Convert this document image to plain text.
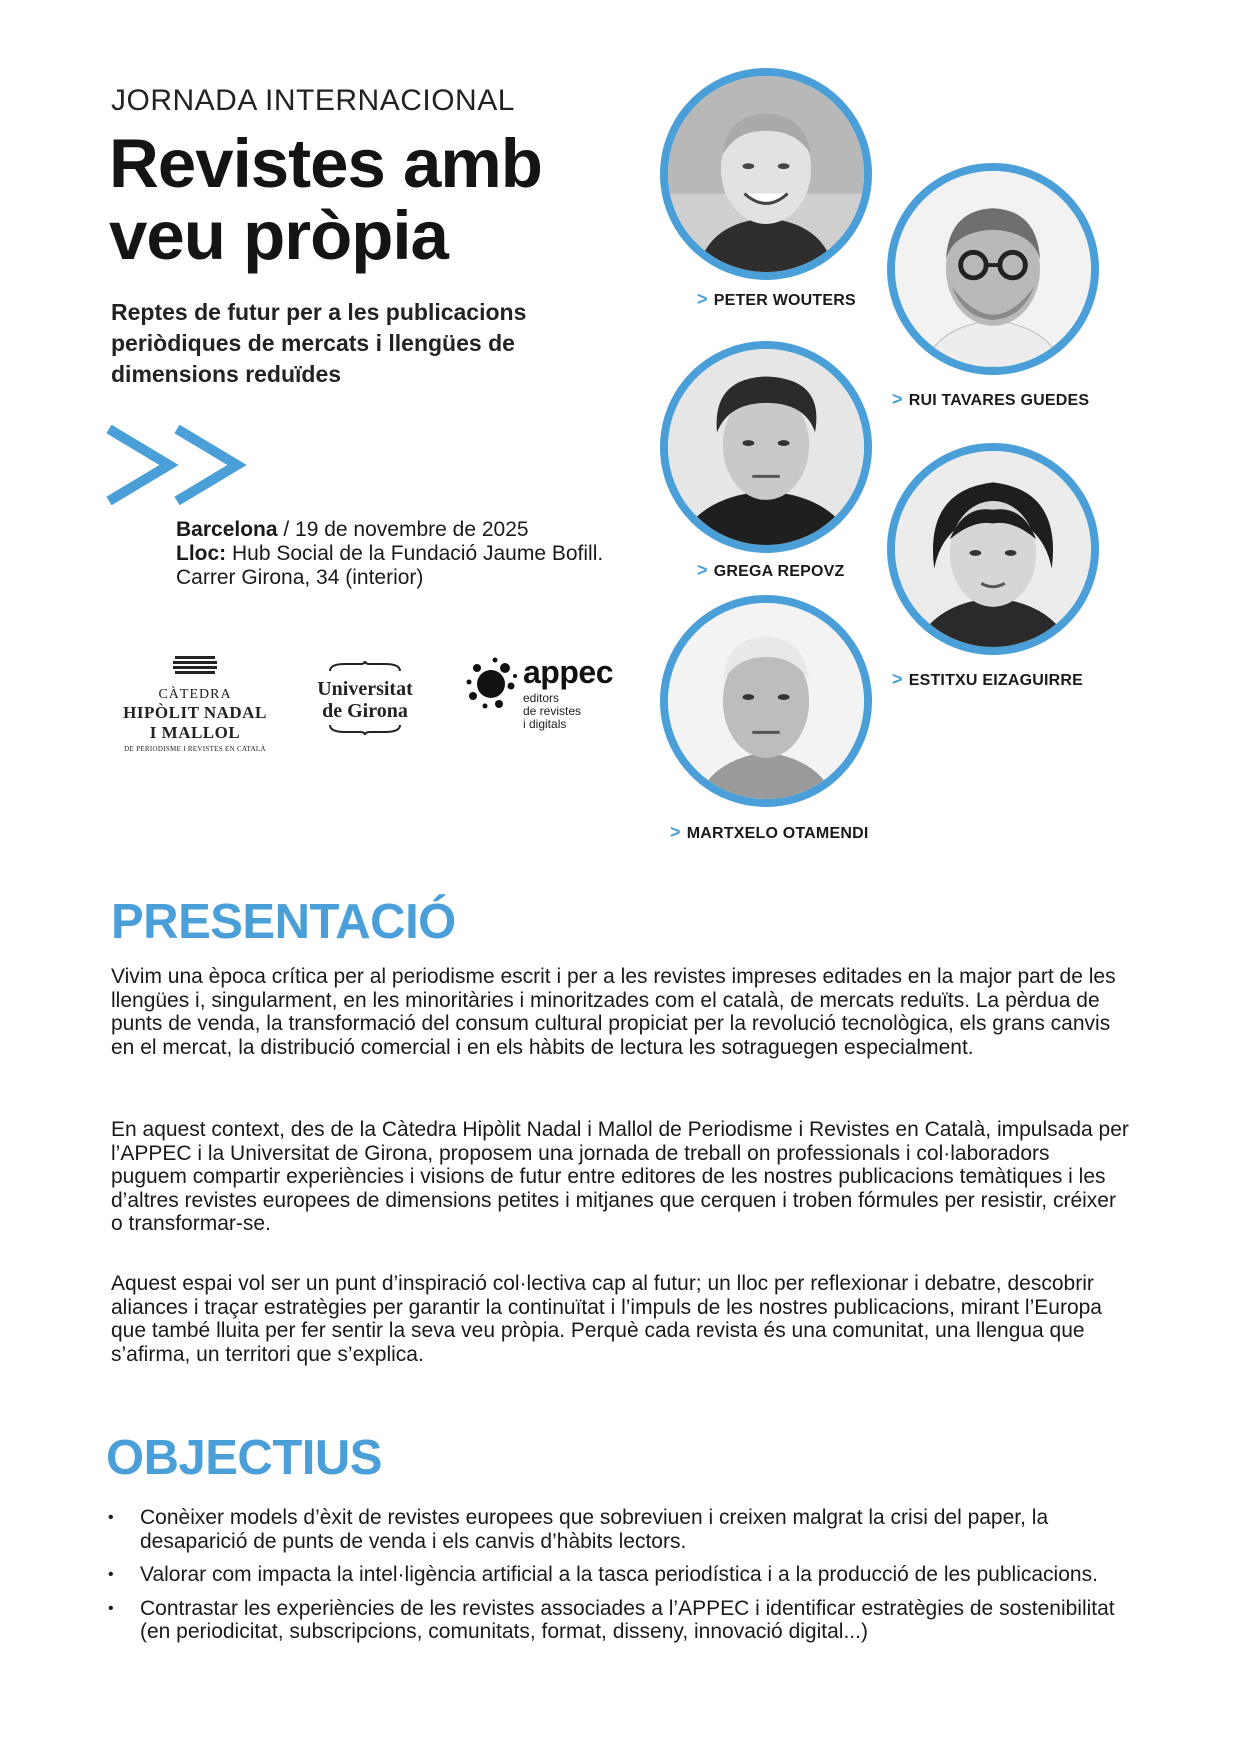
JORNADA INTERNACIONAL
Revistes amb
veu pròpia
Reptes de futur per a les publicacions
periòdiques de mercats i llengües de
dimensions reduïdes
Barcelona / 19 de novembre de 2025
Lloc: Hub Social de la Fundació Jaume Bofill.
Carrer Girona, 34 (interior)
CÀTEDRA
HIPÒLIT NADAL
I MALLOL
DE PERIODISME I REVISTES EN CATALÀ
Universitat
de Girona
appec
editors
de revistes
i digitals
> PETER WOUTERS
> RUI TAVARES GUEDES
> GREGA REPOVZ
> ESTITXU EIZAGUIRRE
> MARTXELO OTAMENDI
PRESENTACIÓ

Vivim una època crítica per al periodisme escrit i per a les revistes impreses editades en la major part de les llengües i, singularment, en les minoritàries i minoritzades com el català, de mercats reduïts. La pèrdua de punts de venda, la transformació del consum cultural propiciat per la revolució tecnològica, els grans canvis en el mercat, la distribució comercial i en els hàbits de lectura les sotraguegen especialment.

En aquest context, des de la Càtedra Hipòlit Nadal i Mallol de Periodisme i Revistes en Català, impulsada per l’APPEC i la Universitat de Girona, proposem una jornada de treball on professionals i col·laboradors puguem compartir experiències i visions de futur entre editores de les nostres publicacions temàtiques i les d’altres revistes europees de dimensions petites i mitjanes que cerquen i troben fórmules per resistir, créixer o transformar-se.

Aquest espai vol ser un punt d’inspiració col·lectiva cap al futur; un lloc per reflexionar i debatre, descobrir aliances i traçar estratègies per garantir la continuïtat i l’impuls de les nostres publicacions, mirant l’Europa que també lluita per fer sentir la seva veu pròpia. Perquè cada revista és una comunitat, una llengua que s’afirma, un territori que s’explica.

OBJECTIUS
• Conèixer models d’èxit de revistes europees que sobreviuen i creixen malgrat la crisi del paper, la desaparició de punts de venda i els canvis d’hàbits lectors.
• Valorar com impacta la intel·ligència artificial a la tasca periodística i a la producció de les publicacions.
• Contrastar les experiències de les revistes associades a l’APPEC i identificar estratègies de sostenibilitat (en periodicitat, subscripcions, comunitats, format, disseny, innovació digital...)
